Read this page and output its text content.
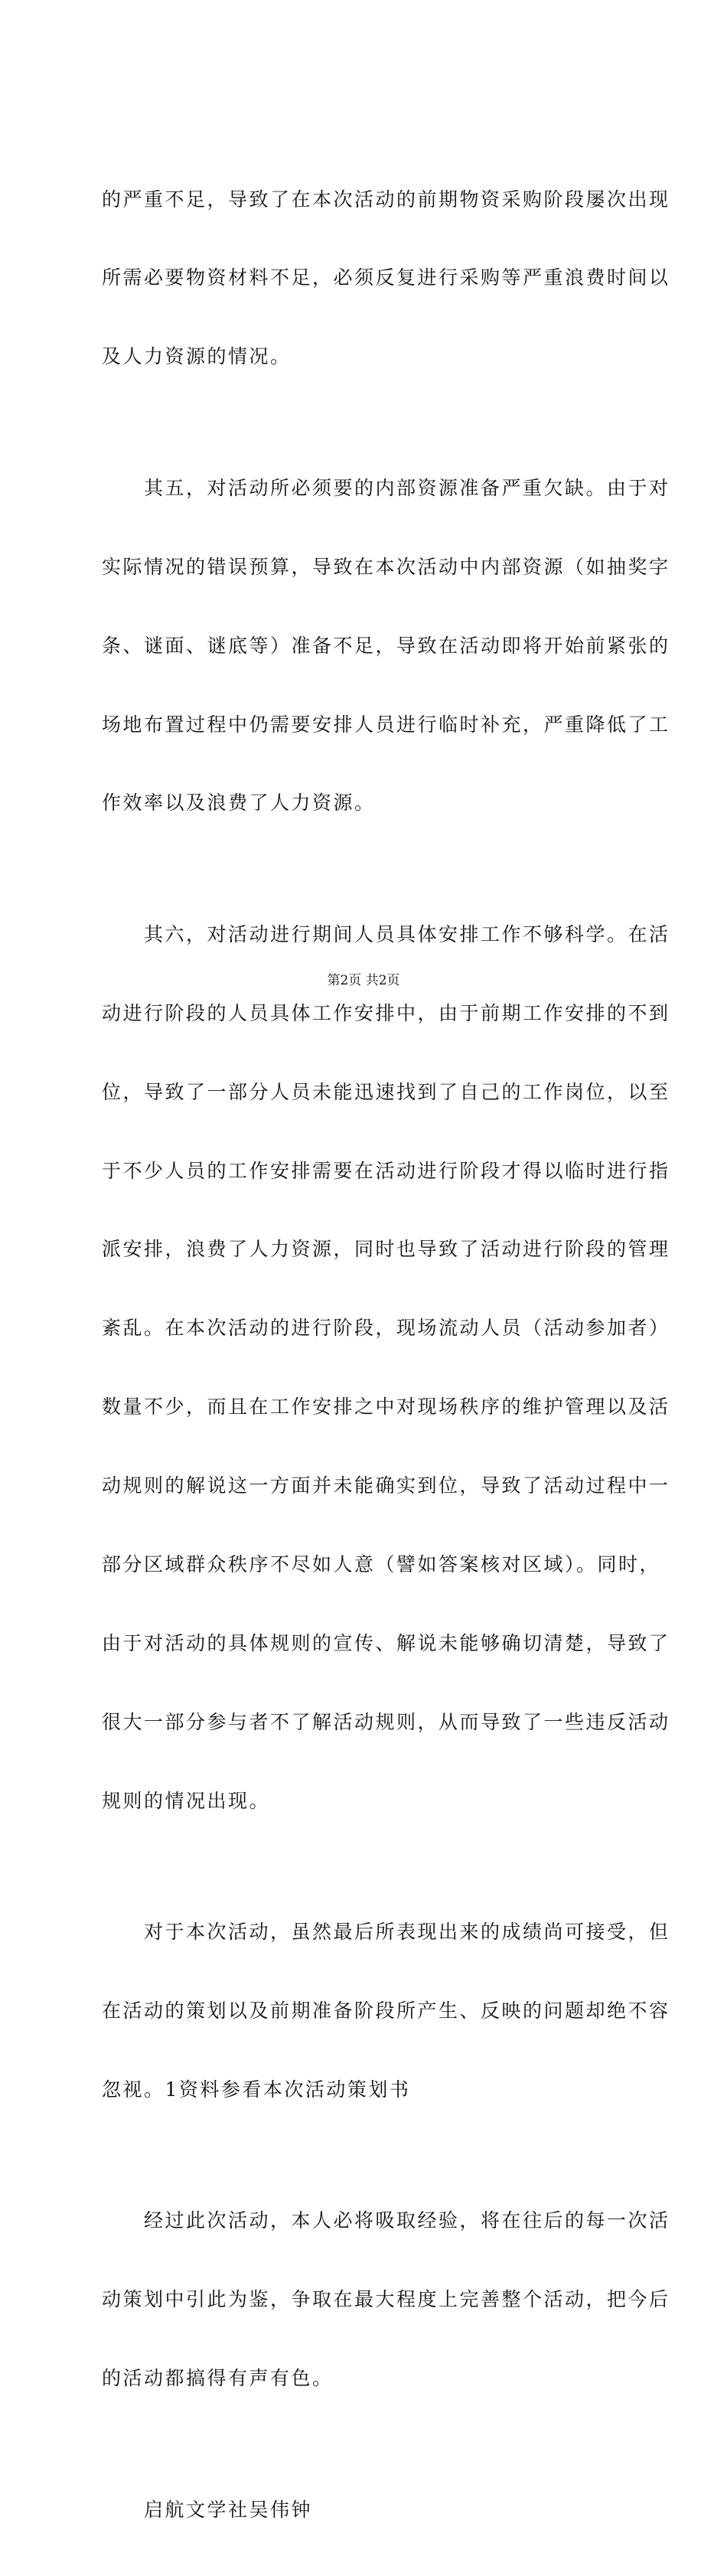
的严重不足，导致了在本次活动的前期物资采购阶段屡次出现

所需必要物资材料不足，必须反复进行采购等严重浪费时间以

及人力资源的情况。

　　其五，对活动所必须要的内部资源准备严重欠缺。由于对

实际情况的错误预算，导致在本次活动中内部资源（如抽奖字

条、谜面、谜底等）准备不足，导致在活动即将开始前紧张的

场地布置过程中仍需要安排人员进行临时补充，严重降低了工

作效率以及浪费了人力资源。

　　其六，对活动进行期间人员具体安排工作不够科学。在活

动进行阶段的人员具体工作安排中，由于前期工作安排的不到

位，导致了一部分人员未能迅速找到了自己的工作岗位，以至

于不少人员的工作安排需要在活动进行阶段才得以临时进行指

派安排，浪费了人力资源，同时也导致了活动进行阶段的管理

紊乱。在本次活动的进行阶段，现场流动人员（活动参加者）

数量不少，而且在工作安排之中对现场秩序的维护管理以及活

动规则的解说这一方面并未能确实到位，导致了活动过程中一

部分区域群众秩序不尽如人意（譬如答案核对区域）。同时，

由于对活动的具体规则的宣传、解说未能够确切清楚，导致了

很大一部分参与者不了解活动规则，从而导致了一些违反活动

规则的情况出现。

　　对于本次活动，虽然最后所表现出来的成绩尚可接受，但

在活动的策划以及前期准备阶段所产生、反映的问题却绝不容

忽视。1资料参看本次活动策划书

　　经过此次活动，本人必将吸取经验，将在往后的每一次活

动策划中引此为鉴，争取在最大程度上完善整个活动，把今后

的活动都搞得有声有色。

　　启航文学社吴伟钟

第2页 共2页
